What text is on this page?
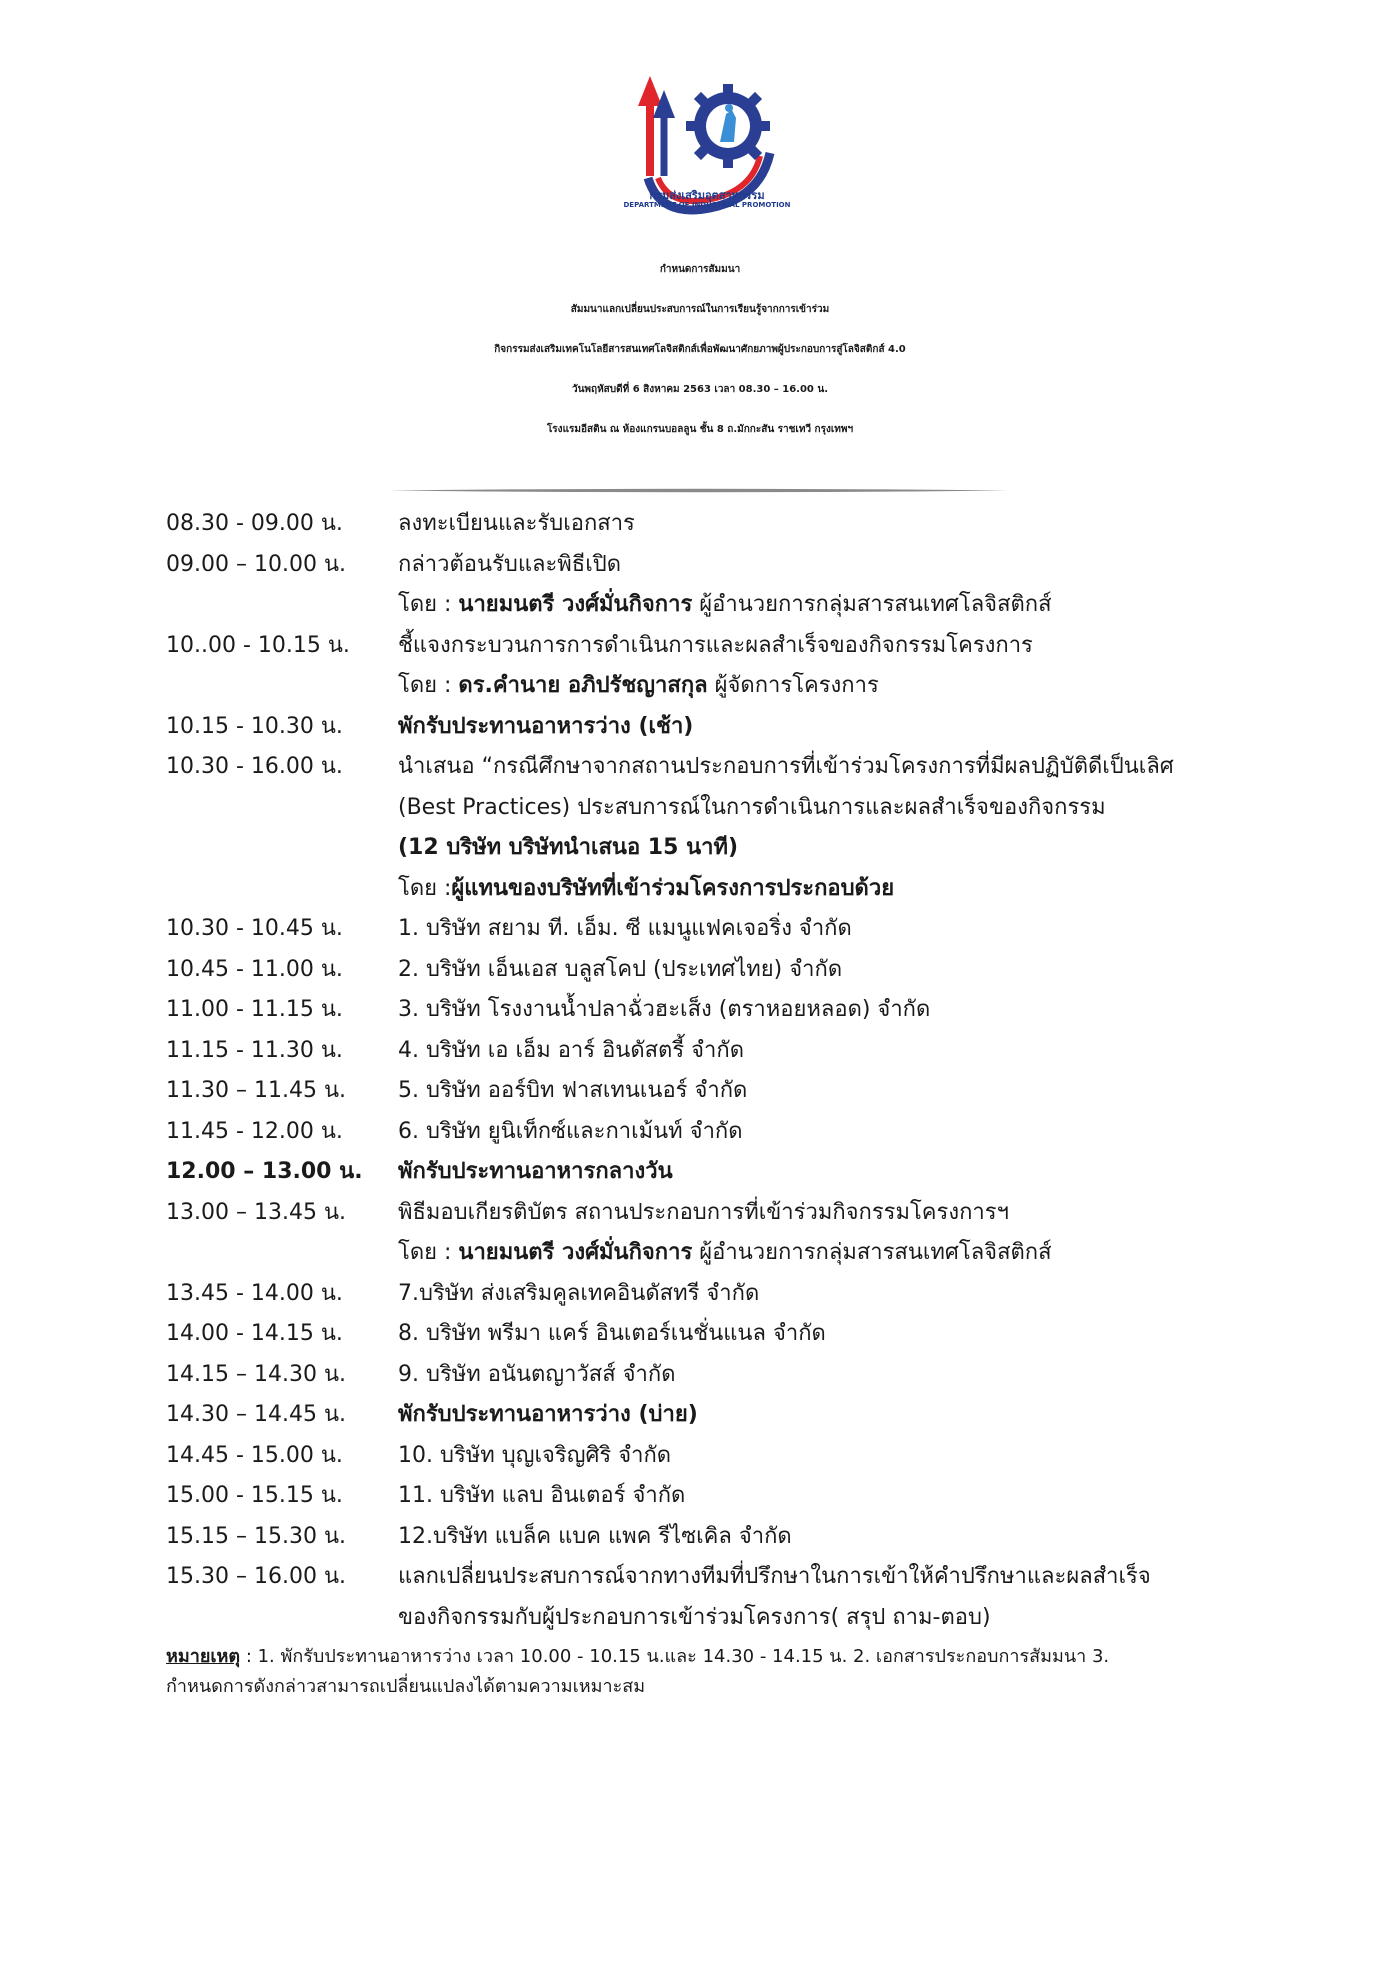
กรมส่งเสริมอุตสาหกรรม
DEPARTMENT OF INDUSTRIAL PROMOTION
กำหนดการสัมมนา
สัมมนาแลกเปลี่ยนประสบการณ์ในการเรียนรู้จากการเข้าร่วม
กิจกรรมส่งเสริมเทคโนโลยีสารสนเทศโลจิสติกส์เพื่อพัฒนาศักยภาพผู้ประกอบการสู่โลจิสติกส์ 4.0
วันพฤหัสบดีที่ 6 สิงหาคม 2563 เวลา 08.30 – 16.00 น.
โรงแรมอีสติน ณ ห้องแกรนบอลลูน ชั้น 8 ถ.มักกะสัน ราชเทวี กรุงเทพฯ
08.30 - 09.00 น.	ลงทะเบียนและรับเอกสาร
09.00 – 10.00 น. กล่าวต้อนรับและพิธีเปิด
โดย : นายมนตรี วงศ์มั่นกิจการ ผู้อำนวยการกลุ่มสารสนเทศโลจิสติกส์
10..00 - 10.15 น. ชี้แจงกระบวนการการดำเนินการและผลสำเร็จของกิจกรรมโครงการ
โดย : ดร.คำนาย อภิปรัชญาสกุล ผู้จัดการโครงการ
10.15 - 10.30 น.	พักรับประทานอาหารว่าง (เช้า)
10.30 - 16.00 น.	นำเสนอ “กรณีศึกษาจากสถานประกอบการที่เข้าร่วมโครงการที่มีผลปฏิบัติดีเป็นเลิศ
(Best Practices) ประสบการณ์ในการดำเนินการและผลสำเร็จของกิจกรรม
(12 บริษัท บริษัทนำเสนอ 15 นาที)
โดย :ผู้แทนของบริษัทที่เข้าร่วมโครงการประกอบด้วย
10.30 - 10.45 น.	1. บริษัท สยาม ที. เอ็ม. ซี แมนูแฟคเจอริ่ง จำกัด
10.45 - 11.00 น.	2. บริษัท เอ็นเอส บลูสโคป (ประเทศไทย) จำกัด
11.00 - 11.15 น.	3. บริษัท โรงงานน้ำปลาฉั่วฮะเส็ง (ตราหอยหลอด) จำกัด
11.15 - 11.30 น.	4. บริษัท เอ เอ็ม อาร์ อินดัสตรี้ จำกัด
11.30 – 11.45 น. 5. บริษัท ออร์บิท ฟาสเทนเนอร์ จำกัด
11.45 - 12.00 น.	6. บริษัท ยูนิเท็กซ์และกาเม้นท์ จำกัด
12.00 – 13.00 น. พักรับประทานอาหารกลางวัน
13.00 – 13.45 น. พิธีมอบเกียรติบัตร สถานประกอบการที่เข้าร่วมกิจกรรมโครงการฯ
โดย : นายมนตรี วงศ์มั่นกิจการ ผู้อำนวยการกลุ่มสารสนเทศโลจิสติกส์
13.45 - 14.00 น.	7.บริษัท ส่งเสริมคูลเทคอินดัสทรี จำกัด
14.00 - 14.15 น.	8. บริษัท พรีมา แคร์ อินเตอร์เนชั่นแนล จำกัด
14.15 – 14.30 น. 9. บริษัท อนันตญาวัสส์ จำกัด
14.30 – 14.45 น. พักรับประทานอาหารว่าง (บ่าย)
14.45 - 15.00 น.	10. บริษัท บุญเจริญศิริ จำกัด
15.00 - 15.15 น.	11. บริษัท แลบ อินเตอร์ จำกัด
15.15 – 15.30 น. 12.บริษัท แบล็ค แบค แพค รีไซเคิล จำกัด
15.30 – 16.00 น. แลกเปลี่ยนประสบการณ์จากทางทีมที่ปรึกษาในการเข้าให้คำปรึกษาและผลสำเร็จ
ของกิจกรรมกับผู้ประกอบการเข้าร่วมโครงการ( สรุป ถาม-ตอบ)
หมายเหตุ : 1. พักรับประทานอาหารว่าง เวลา 10.00 - 10.15 น.และ 14.30 - 14.15 น. 2. เอกสารประกอบการสัมมนา 3.
กำหนดการดังกล่าวสามารถเปลี่ยนแปลงได้ตามความเหมาะสม
